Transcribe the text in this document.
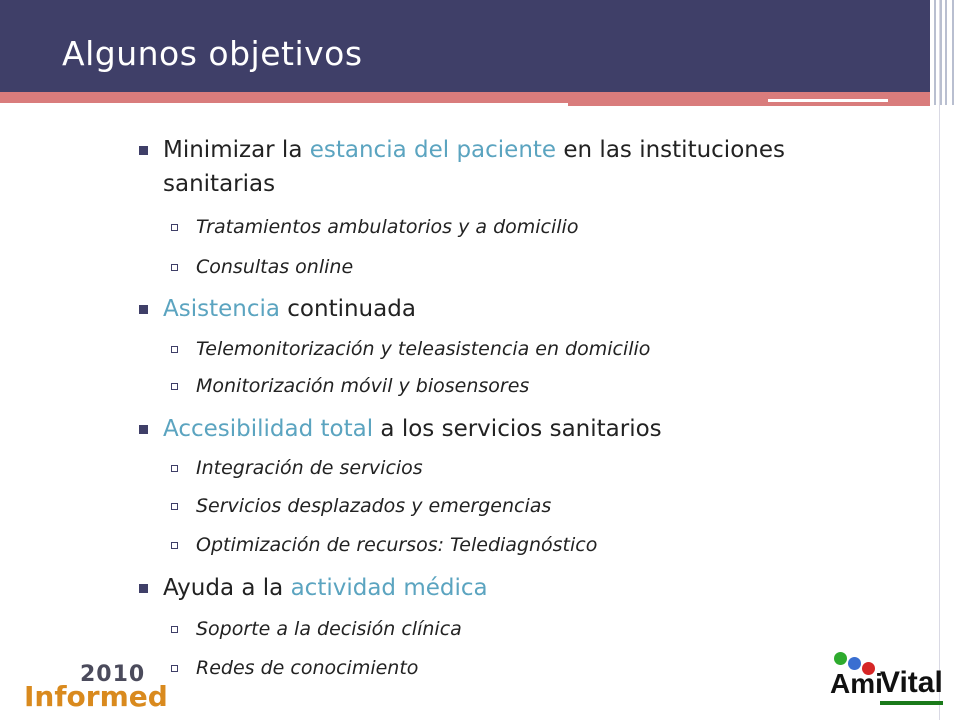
Algunos objetivos
Minimizar la estancia del paciente en las instituciones
sanitarias
Tratamientos ambulatorios y a domicilio
Consultas online
Asistencia continuada
Telemonitorización y teleasistencia en domicilio
Monitorización móvil y biosensores
Accesibilidad total a los servicios sanitarios
Integración de servicios
Servicios desplazados y emergencias
Optimización de recursos: Telediagnóstico
Ayuda a la actividad médica
Soporte a la decisión clínica
Redes de conocimiento
2010
Informed	Ami
Vital
